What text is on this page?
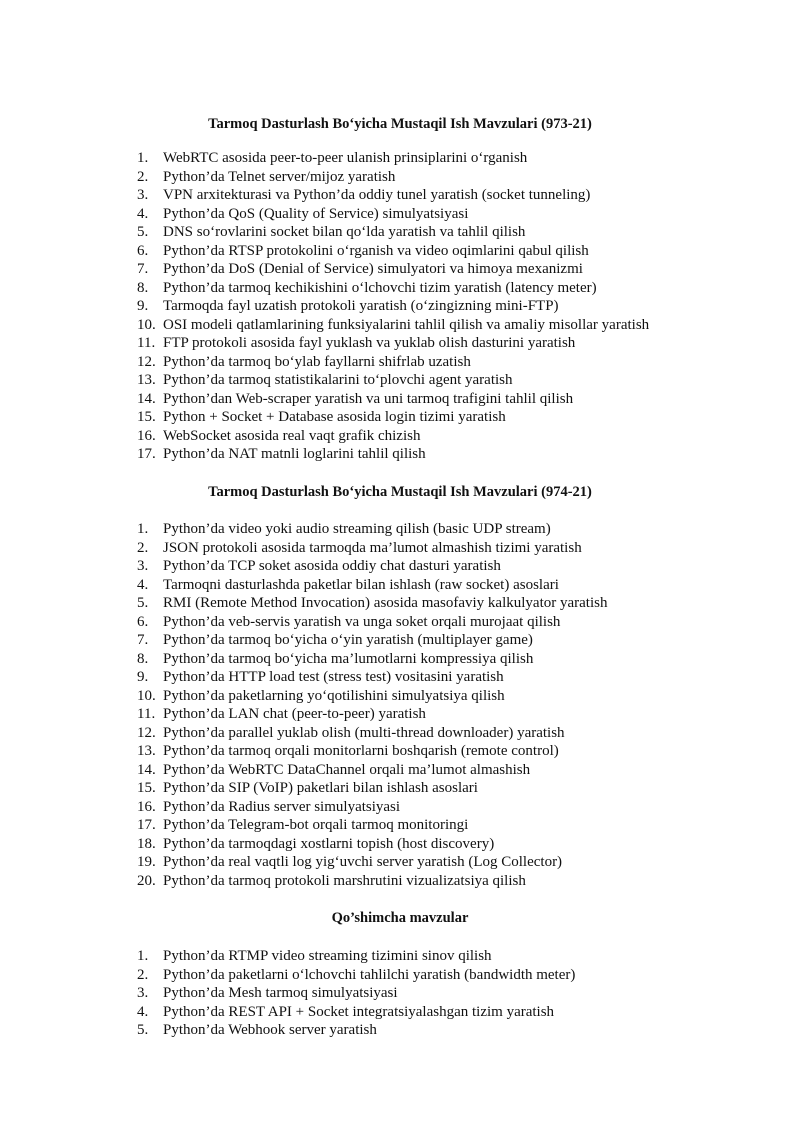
Tarmoq Dasturlash Bo‘yicha Mustaqil Ish Mavzulari (973-21)
1. WebRTC asosida peer-to-peer ulanish prinsiplarini o‘rganish
2. Python’da Telnet server/mijoz yaratish
3. VPN arxitekturasi va Python’da oddiy tunel yaratish (socket tunneling)
4. Python’da QoS (Quality of Service) simulyatsiyasi
5. DNS so‘rovlarini socket bilan qo‘lda yaratish va tahlil qilish
6. Python’da RTSP protokolini o‘rganish va video oqimlarini qabul qilish
7. Python’da DoS (Denial of Service) simulyatori va himoya mexanizmi
8. Python’da tarmoq kechikishini o‘lchovchi tizim yaratish (latency meter)
9. Tarmoqda fayl uzatish protokoli yaratish (o‘zingizning mini-FTP)
10. OSI modeli qatlamlarining funksiyalarini tahlil qilish va amaliy misollar yaratish
11. FTP protokoli asosida fayl yuklash va yuklab olish dasturini yaratish
12. Python’da tarmoq bo‘ylab fayllarni shifrlab uzatish
13. Python’da tarmoq statistikalarini to‘plovchi agent yaratish
14. Python’dan Web-scraper yaratish va uni tarmoq trafigini tahlil qilish
15. Python + Socket + Database asosida login tizimi yaratish
16. WebSocket asosida real vaqt grafik chizish
17. Python’da NAT matnli loglarini tahlil qilish
Tarmoq Dasturlash Bo‘yicha Mustaqil Ish Mavzulari (974-21)
1. Python’da video yoki audio streaming qilish (basic UDP stream)
2. JSON protokoli asosida tarmoqda ma’lumot almashish tizimi yaratish
3. Python’da TCP soket asosida oddiy chat dasturi yaratish
4. Tarmoqni dasturlashda paketlar bilan ishlash (raw socket) asoslari
5. RMI (Remote Method Invocation) asosida masofaviy kalkulyator yaratish
6. Python’da veb-servis yaratish va unga soket orqali murojaat qilish
7. Python’da tarmoq bo‘yicha o‘yin yaratish (multiplayer game)
8. Python’da tarmoq bo‘yicha ma’lumotlarni kompressiya qilish
9. Python’da HTTP load test (stress test) vositasini yaratish
10. Python’da paketlarning yo‘qotilishini simulyatsiya qilish
11. Python’da LAN chat (peer-to-peer) yaratish
12. Python’da parallel yuklab olish (multi-thread downloader) yaratish
13. Python’da tarmoq orqali monitorlarni boshqarish (remote control)
14. Python’da WebRTC DataChannel orqali ma’lumot almashish
15. Python’da SIP (VoIP) paketlari bilan ishlash asoslari
16. Python’da Radius server simulyatsiyasi
17. Python’da Telegram-bot orqali tarmoq monitoringi
18. Python’da tarmoqdagi xostlarni topish (host discovery)
19. Python’da real vaqtli log yig‘uvchi server yaratish (Log Collector)
20. Python’da tarmoq protokoli marshrutini vizualizatsiya qilish
Qo’shimcha mavzular
1. Python’da RTMP video streaming tizimini sinov qilish
2. Python’da paketlarni o‘lchovchi tahlilchi yaratish (bandwidth meter)
3. Python’da Mesh tarmoq simulyatsiyasi
4. Python’da REST API + Socket integratsiyalashgan tizim yaratish
5. Python’da Webhook server yaratish
